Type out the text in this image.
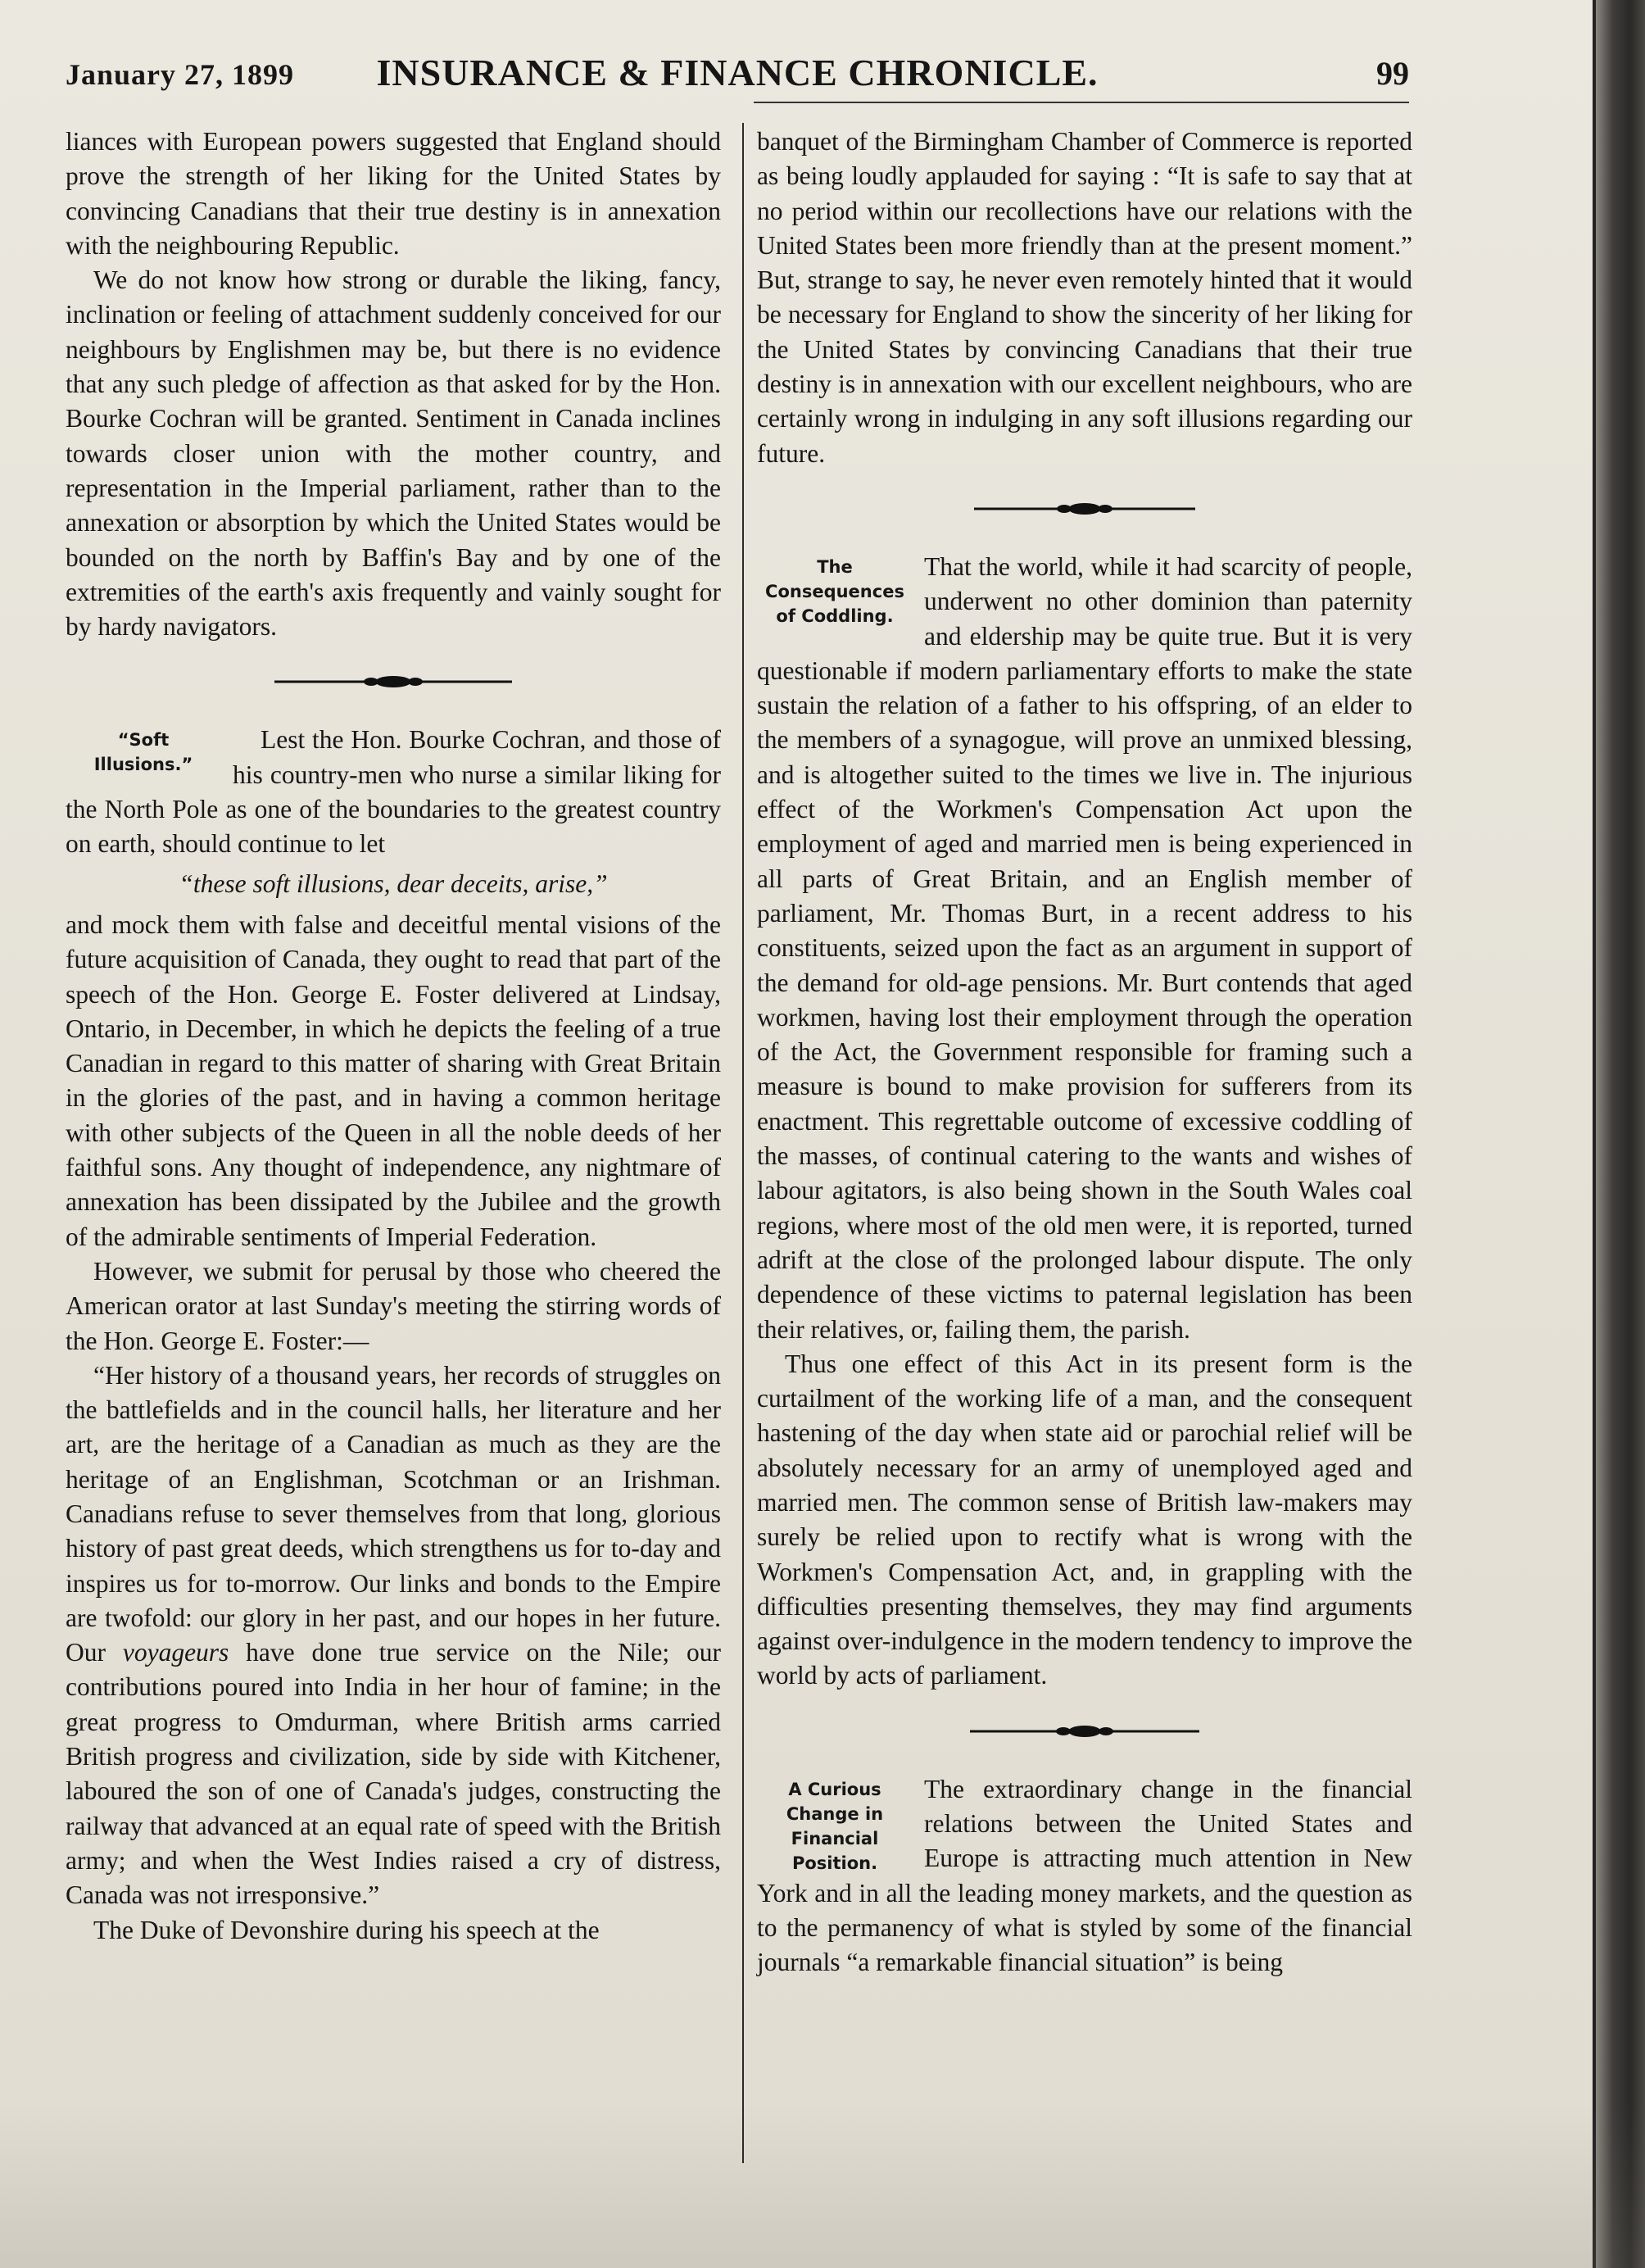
January 27, 1899	INSURANCE & FINANCE CHRONICLE.	99

liances with European powers suggested that England should prove the strength of her liking for the United States by convincing Canadians that their true destiny is in annexation with the neighbouring Republic.

We do not know how strong or durable the liking, fancy, inclination or feeling of attachment suddenly conceived for our neighbours by Englishmen may be, but there is no evidence that any such pledge of affection as that asked for by the Hon. Bourke Cochran will be granted. Sentiment in Canada inclines towards closer union with the mother country, and representation in the Imperial parliament, rather than to the annexation or absorption by which the United States would be bounded on the north by Baffin's Bay and by one of the extremities of the earth's axis frequently and vainly sought for by hardy navigators.

“Soft Illusions.”

Lest the Hon. Bourke Cochran, and those of his country-men who nurse a similar liking for the North Pole as one of the boundaries to the greatest country on earth, should continue to let

“these soft illusions, dear deceits, arise,”

and mock them with false and deceitful mental visions of the future acquisition of Canada, they ought to read that part of the speech of the Hon. George E. Foster delivered at Lindsay, Ontario, in December, in which he depicts the feeling of a true Canadian in regard to this matter of sharing with Great Britain in the glories of the past, and in having a common heritage with other subjects of the Queen in all the noble deeds of her faithful sons. Any thought of independence, any nightmare of annexation has been dissipated by the Jubilee and the growth of the admirable sentiments of Imperial Federation.

However, we submit for perusal by those who cheered the American orator at last Sunday's meeting the stirring words of the Hon. George E. Foster:—

“Her history of a thousand years, her records of struggles on the battlefields and in the council halls, her literature and her art, are the heritage of a Canadian as much as they are the heritage of an Englishman, Scotchman or an Irishman. Canadians refuse to sever themselves from that long, glorious history of past great deeds, which strengthens us for to-day and inspires us for to-morrow. Our links and bonds to the Empire are twofold: our glory in her past, and our hopes in her future. Our voyageurs have done true service on the Nile; our contributions poured into India in her hour of famine; in the great progress to Omdurman, where British arms carried British progress and civilization, side by side with Kitchener, laboured the son of one of Canada's judges, constructing the railway that advanced at an equal rate of speed with the British army; and when the West Indies raised a cry of distress, Canada was not irresponsive.”

The Duke of Devonshire during his speech at the

banquet of the Birmingham Chamber of Commerce is reported as being loudly applauded for saying : “It is safe to say that at no period within our recollections have our relations with the United States been more friendly than at the present moment.” But, strange to say, he never even remotely hinted that it would be necessary for England to show the sincerity of her liking for the United States by convincing Canadians that their true destiny is in annexation with our excellent neighbours, who are certainly wrong in indulging in any soft illusions regarding our future.

The Consequences of Coddling.

That the world, while it had scarcity of people, underwent no other dominion than paternity and eldership may be quite true. But it is very questionable if modern parliamentary efforts to make the state sustain the relation of a father to his offspring, of an elder to the members of a synagogue, will prove an unmixed blessing, and is altogether suited to the times we live in. The injurious effect of the Workmen's Compensation Act upon the employment of aged and married men is being experienced in all parts of Great Britain, and an English member of parliament, Mr. Thomas Burt, in a recent address to his constituents, seized upon the fact as an argument in support of the demand for old-age pensions. Mr. Burt contends that aged workmen, having lost their employment through the operation of the Act, the Government responsible for framing such a measure is bound to make provision for sufferers from its enactment. This regrettable outcome of excessive coddling of the masses, of continual catering to the wants and wishes of labour agitators, is also being shown in the South Wales coal regions, where most of the old men were, it is reported, turned adrift at the close of the prolonged labour dispute. The only dependence of these victims to paternal legislation has been their relatives, or, failing them, the parish.

Thus one effect of this Act in its present form is the curtailment of the working life of a man, and the consequent hastening of the day when state aid or parochial relief will be absolutely necessary for an army of unemployed aged and married men. The common sense of British law-makers may surely be relied upon to rectify what is wrong with the Workmen's Compensation Act, and, in grappling with the difficulties presenting themselves, they may find arguments against over-indulgence in the modern tendency to improve the world by acts of parliament.

A Curious Change in Financial Position.

The extraordinary change in the financial relations between the United States and Europe is attracting much attention in New York and in all the leading money markets, and the question as to the permanency of what is styled by some of the financial journals “a remarkable financial situation” is being
